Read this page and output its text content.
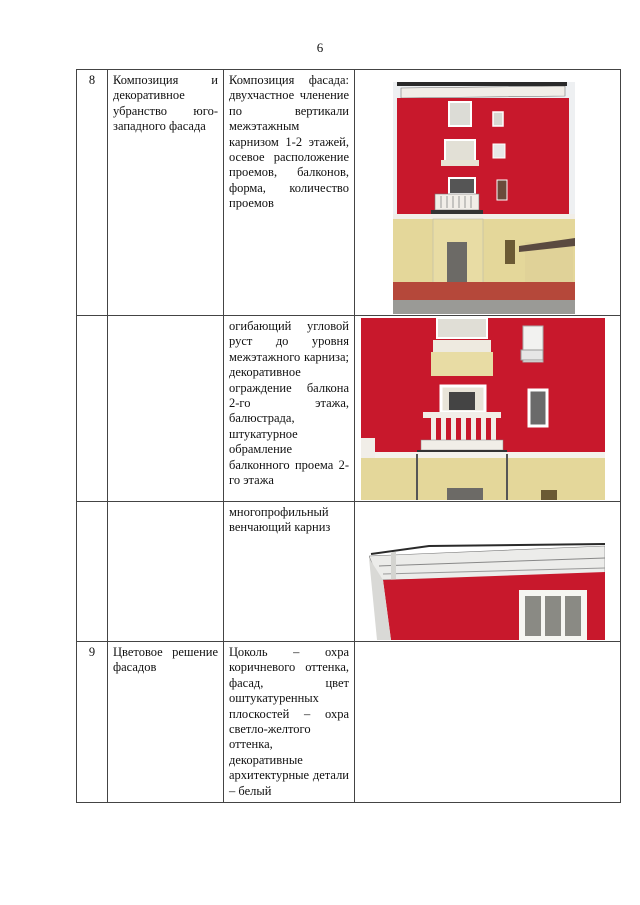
6
8	Композиция и декоративное убранство юго-западного фасада	Композиция фасада: двухчастное членение по вертикали межэтажным карнизом 1-2 этажей, осевое расположение проемов, балконов, форма, количество проемов	

		огибающий угловой руст до уровня межэтажного карниза; декоративное ограждение балкона 2-го этажа, балюстрада, штукатурное обрамление балконного проема 2-го этажа	

		многопрофильный венчающий карниз	

9	Цветовое решение фасадов	Цоколь – охра коричневого оттенка, фасад, цвет оштукатуренных плоскостей – охра светло-желтого оттенка, декоративные архитектурные детали – белый	
